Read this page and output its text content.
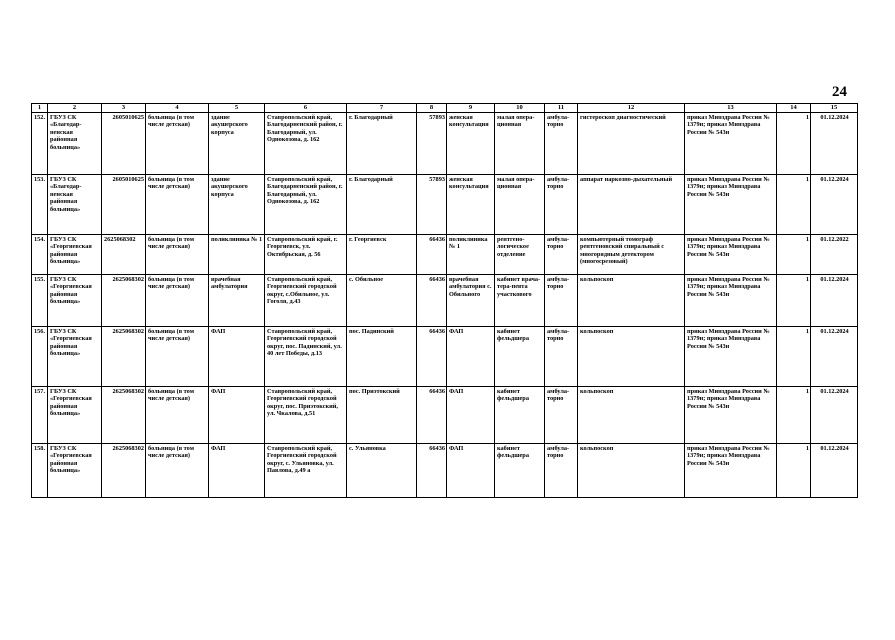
24
1	2	3	4	5	6	7	8	9	10	11	12	13	14	15
152.	ГБУЗ СК «Благодар-ненская районная больница»	2605010625	больница (в том числе детская)	здание акушерского корпуса	Ставропольский край, Благодарненский район, г. Благодарный, ул. Однокозова, д. 162	г. Благодарный	57893	женская консультация	малая опера-ционная	амбула-торно	гистероскоп диагностический	приказ Минздрава России № 1379н; приказ Минздрава России № 543н	1	01.12.2024
153.	ГБУЗ СК «Благодар-ненская районная больница»	2605010625	больница (в том числе детская)	здание акушерского корпуса	Ставропольский край, Благодарненский район, г. Благодарный, ул. Однокозова, д. 162	г. Благодарный	57893	женская консультация	малая опера-ционная	амбула-торно	аппарат наркозно-дыхательный	приказ Минздрава России № 1379н; приказ Минздрава России № 543н	1	01.12.2024
154.	ГБУЗ СК «Георгиевская районная больница»	2625068302	больница (в том числе детская)	поликлиника № 1	Ставропольский край, г. Георгиевск, ул. Октябрьская, д. 56	г. Георгиевск	66436	поликлиника № 1	рентгено-логическое отделение	амбула-торно	компьютерный томограф рентгеновский спиральный с многорядным детектором (многосрезовый)	приказ Минздрава России № 1379н; приказ Минздрава России № 543н	1	01.12.2022
155.	ГБУЗ СК «Георгиевская районная больница»	2625068302	больница (в том числе детская)	врачебная амбулатория	Ставропольский край, Георгиевский городской округ, с.Обильное, ул. Гоголя, д.43	с. Обильное	66436	врачебная амбулатория с. Обильного	кабинет врача-тера-певта участкового	амбула-торно	кольпоскоп	приказ Минздрава России № 1379н; приказ Минздрава России № 543н	1	01.12.2024
156.	ГБУЗ СК «Георгиевская районная больница»	2625068302	больница (в том числе детская)	ФАП	Ставропольский край, Георгиевский городской округ, пос. Падинский, ул. 40 лет Победы, д.13	пос. Падинский	66436	ФАП	кабинет фельдшера	амбула-торно	кольпоскоп	приказ Минздрава России № 1379н; приказ Минздрава России № 543н	1	01.12.2024
157.	ГБУЗ СК «Георгиевская районная больница»	2625068302	больница (в том числе детская)	ФАП	Ставропольский край, Георгиевский городской округ, пос. Приэтокский, ул. Чкалова, д.51	пос. Приэтокский	66436	ФАП	кабинет фельдшера	амбула-торно	кольпоскоп	приказ Минздрава России № 1379н; приказ Минздрава России № 543н	1	01.12.2024
158.	ГБУЗ СК «Георгиевская районная больница»	2625068302	больница (в том числе детская)	ФАП	Ставропольский край, Георгиевский городской округ, с. Ульяновка, ул. Павлова, д.49 а	с. Ульяновка	66436	ФАП	кабинет фельдшера	амбула-торно	кольпоскоп	приказ Минздрава России № 1379н; приказ Минздрава России № 543н	1	01.12.2024
